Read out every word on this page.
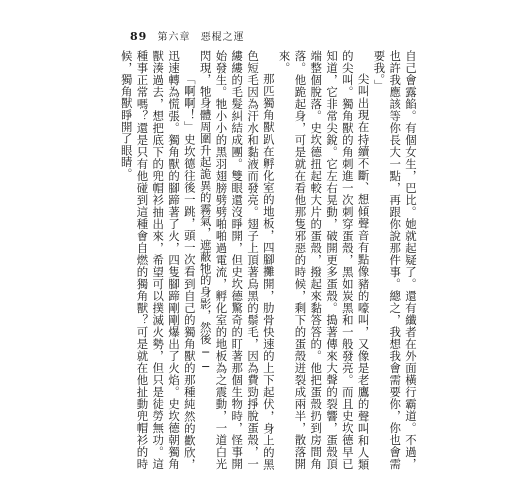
89 第六章 惡棍之運

自己會露餡。有個女生，巴比。她就起疑了。還有纖者在外面橫行霸道。不過，也許我應該等你長大一點，再跟你說那件事。總之，我想我會需要你，你也會需要我。」

尖叫出現在持續不斷、想傾聲音有點像豬的嚎叫，又像是老鷹的聲叫和人類的尖叫。獨角獸的角刺進一次刺穿蛋殼，黑如炭黑和一般發亮。而且史坎德早已知道，它非常尖銳。它左右晃動，破開更多蛋殼。搗著傳來大聲的裂響，蛋殼頂端整個脫落。史坎德扭起較大片的蛋殼，撥起來黏答答的。他把蛋殼扔到房間角落。他跪起身，可是就在看他那隻邪惡的時候，剩下的蛋殼迸裂成兩半，散落開來。

那匹獨角獸趴在孵化室的地板，四腳攤開，肋骨快速的上下起伏，身上的黑色短毛因為汗水和黏液而發亮。翅子上頂著烏黑的鬃毛，因為費勁掙脫蛋殼，一縷縷的毛髮糾結成團。雙眼還沒睜開，但史坎德驚奇的盯著那個生物時，怪事開始發生。牠小小的黑羽翅膀劈劈啪啪過電流，孵化室的地板為之震動，一道白光閃現，牠身體周圍升起詭異的霧氣，遮蔽牠的身影，然後──

「啊啊！」史坎德往後一跳，頭一次看到自己的獨角獸的那種純然的歡欣，迅速轉為慌張。獨角獸的腳蹄著了火，四隻腳蹄剛剛爆出了火焰。史坎德朝獨角獸湊過去，想把底下的兜帽衫抽出來，希望可以撲滅火勢，但只是徒勞無功。這種事正常嗎？還是只有他碰到這種會自燃的獨角獸？可是就在他扯動兜帽衫的時候，獨角獸睜開了眼睛。
